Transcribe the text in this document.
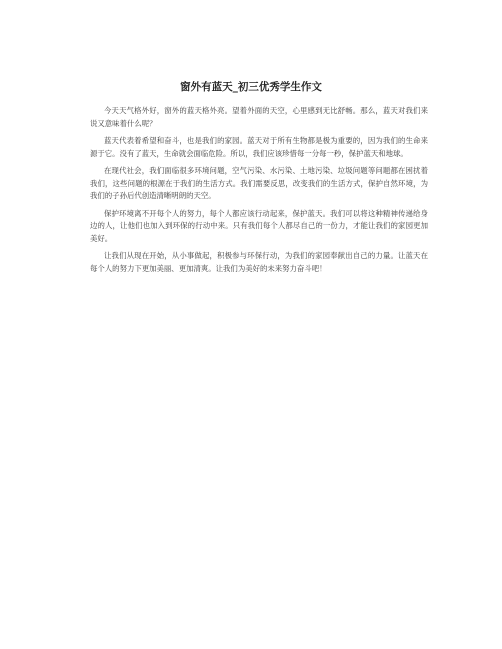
窗外有蓝天_初三优秀学生作文

今天天气格外好，窗外的蓝天格外亮。望着外面的天空，心里感到无比舒畅。那么，蓝天对我们来说又意味着什么呢？

蓝天代表着希望和奋斗，也是我们的家园。蓝天对于所有生物都是极为重要的，因为我们的生命来源于它。没有了蓝天，生命就会面临危险。所以，我们应该珍惜每一分每一秒，保护蓝天和地球。

在现代社会，我们面临很多环境问题，空气污染、水污染、土地污染、垃圾问题等问题都在困扰着我们，这些问题的根源在于我们的生活方式。我们需要反思，改变我们的生活方式，保护自然环境，为我们的子孙后代创造清晰明朗的天空。

保护环境离不开每个人的努力，每个人都应该行动起来，保护蓝天。我们可以将这种精神传递给身边的人，让他们也加入到环保的行动中来。只有我们每个人都尽自己的一份力，才能让我们的家园更加美好。

让我们从现在开始，从小事做起，积极参与环保行动，为我们的家园奉献出自己的力量。让蓝天在每个人的努力下更加美丽、更加清爽。让我们为美好的未来努力奋斗吧！
